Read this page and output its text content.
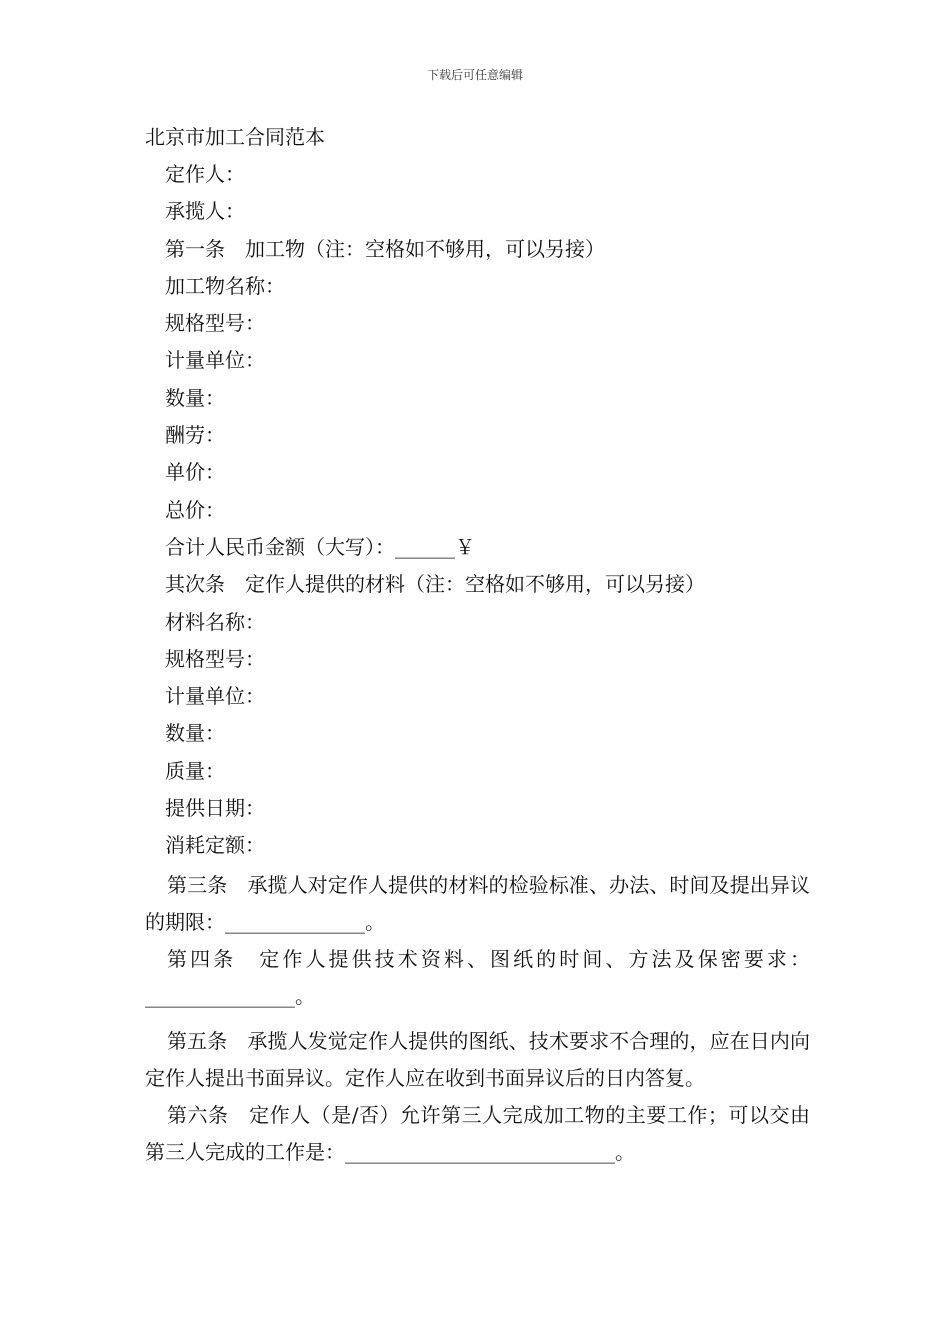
下载后可任意编辑
北京市加工合同范本
定作人：
承揽人：
第一条　加工物（注：空格如不够用，可以另接）
加工物名称：
规格型号：
计量单位：
数量：
酬劳：
单价：
总价：
合计人民币金额（大写）：______￥
其次条　定作人提供的材料（注：空格如不够用，可以另接）
材料名称：
规格型号：
计量单位：
数量：
质量：
提供日期：
消耗定额：
第三条　承揽人对定作人提供的材料的检验标准、办法、时间及提出异议的期限：______________。
第四条　定作人提供技术资料、图纸的时间、方法及保密要求：_______________。
第五条　承揽人发觉定作人提供的图纸、技术要求不合理的，应在日内向定作人提出书面异议。定作人应在收到书面异议后的日内答复。
第六条　定作人（是/否）允许第三人完成加工物的主要工作；可以交由第三人完成的工作是：___________________________。
